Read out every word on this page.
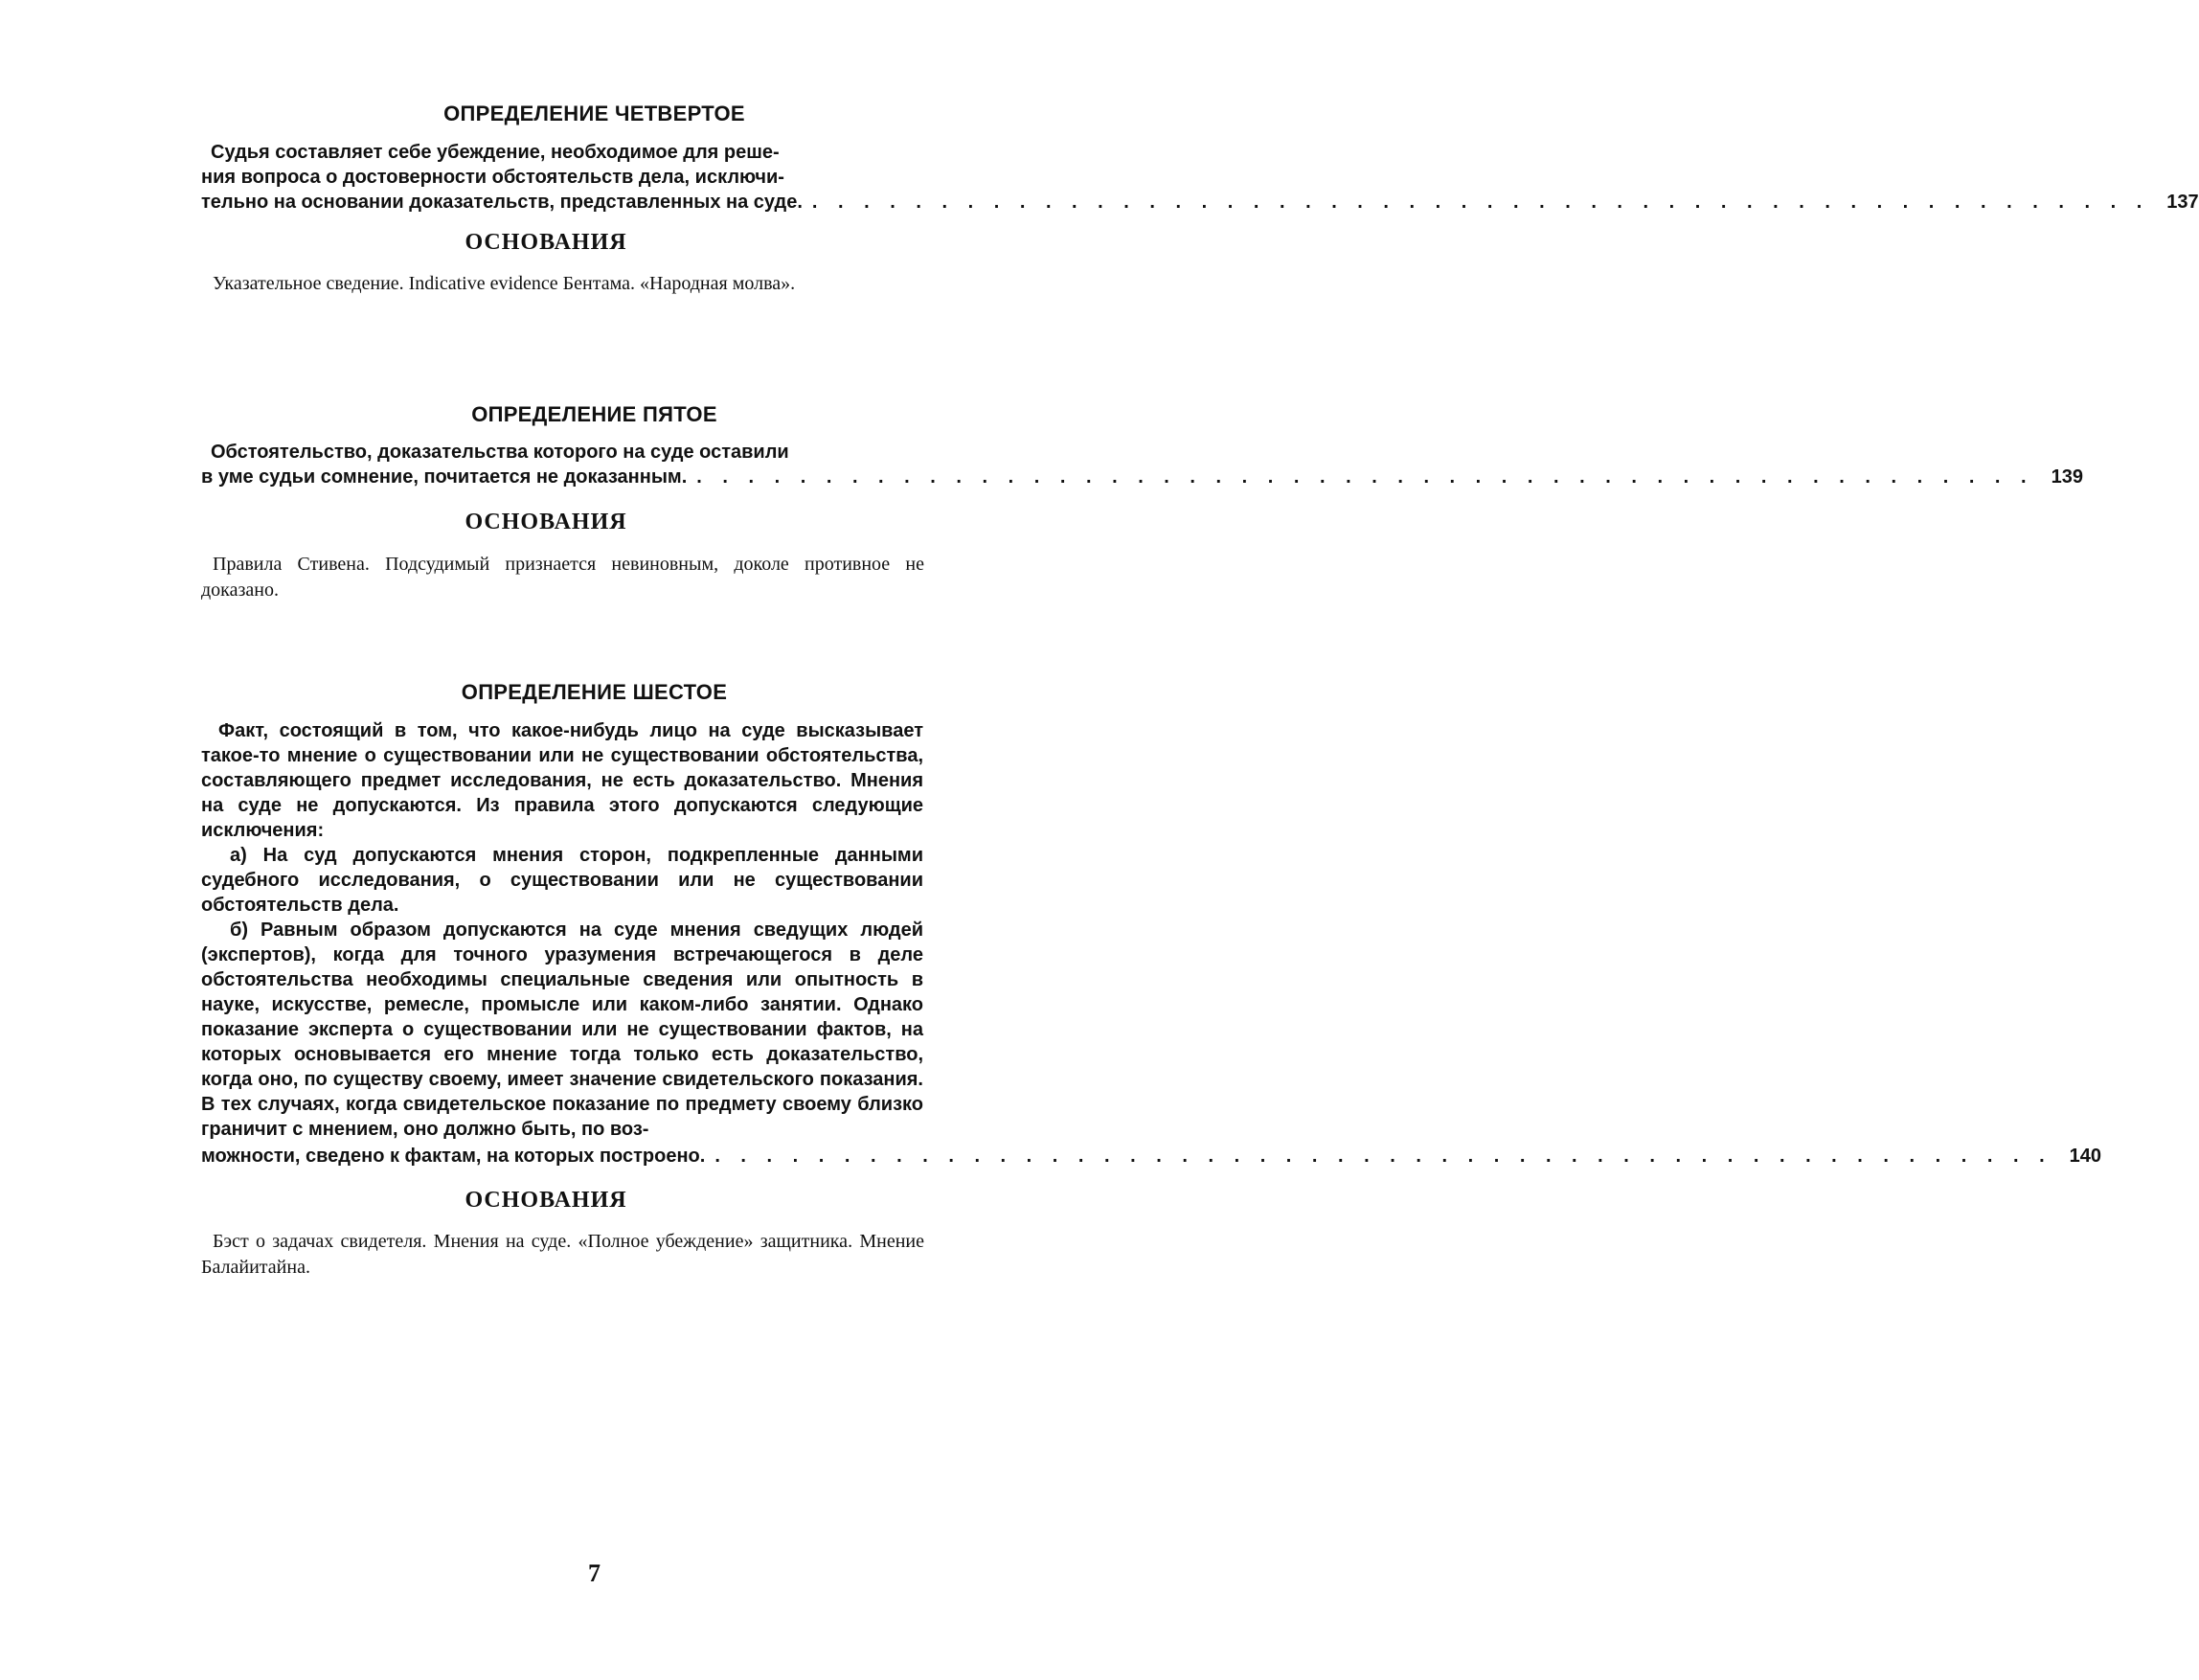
ОПРЕДЕЛЕНИЕ ЧЕТВЕРТОЕ

Судья составляет себе убеждение, необходимое для реше-

ния вопроса о достоверности обстоятельств дела, исключи-

тельно на основании доказательств, представленных на суде. . . . . . . . . . . . . . . . . . . . . . . . . . . . . . . . . . . . . . . . . . . . . . . . . . . . . 137

ОСНОВАНИЯ

Указательное сведение. Indicative evidence Бентама. «Народная молва».

ОПРЕДЕЛЕНИЕ ПЯТОЕ

Обстоятельство, доказательства которого на суде оставили

в уме судьи сомнение, почитается не доказанным. . . . . . . . . . . . . . . . . . . . . . . . . . . . . . . . . . . . . . . . . . . . . . . . . . . . . 139

ОСНОВАНИЯ

Правила Стивена. Подсудимый признается невиновным, доколе противное не доказано.

ОПРЕДЕЛЕНИЕ ШЕСТОЕ

Факт, состоящий в том, что какое-нибудь лицо на суде высказывает такое-то мнение о существовании или не существовании обстоятельства, составляющего предмет исследования, не есть доказательство. Мнения на суде не допускаются. Из правила этого допускаются следующие исключения:

а) На суд допускаются мнения сторон, подкрепленные данными судебного исследования, о существовании или не существовании обстоятельств дела.

б) Равным образом допускаются на суде мнения сведущих людей (экспертов), когда для точного уразумения встречающегося в деле обстоятельства необходимы специальные сведения или опытность в науке, искусстве, ремесле, промысле или каком-либо занятии. Однако показание эксперта о существовании или не существовании фактов, на которых основывается его мнение тогда только есть доказательство, когда оно, по существу своему, имеет значение свидетельского показания. В тех случаях, когда свидетельское показание по предмету своему близко граничит с мнением, оно должно быть, по воз-

можности, сведено к фактам, на которых построено. . . . . . . . . . . . . . . . . . . . . . . . . . . . . . . . . . . . . . . . . . . . . . . . . . . . . 140

ОСНОВАНИЯ

Бэст о задачах свидетеля. Мнения на суде. «Полное убеждение» защитника. Мнение Балайитайна.

7
